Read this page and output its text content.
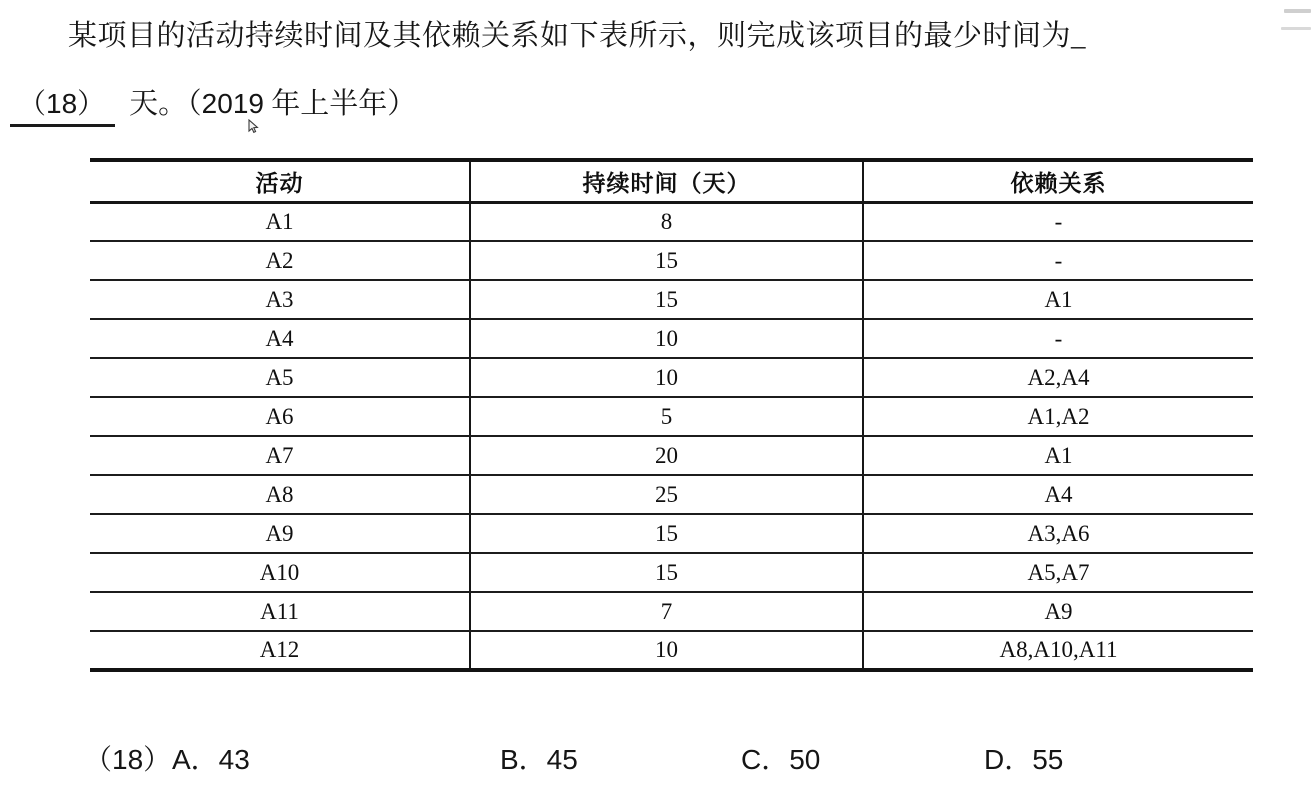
某项目的活动持续时间及其依赖关系如下表所示，则完成该项目的最少时间为_
（18） 天。（2019 年上半年）
活动	持续时间（天）	依赖关系
A1	8	-
A2	15	-
A3	15	A1
A4	10	-
A5	10	A2,A4
A6	5	A1,A2
A7	20	A1
A8	25	A4
A9	15	A3,A6
A10	15	A5,A7
A11	7	A9
A12	10	A8,A10,A11
（18） A．43	B．45	C．50	D．55
